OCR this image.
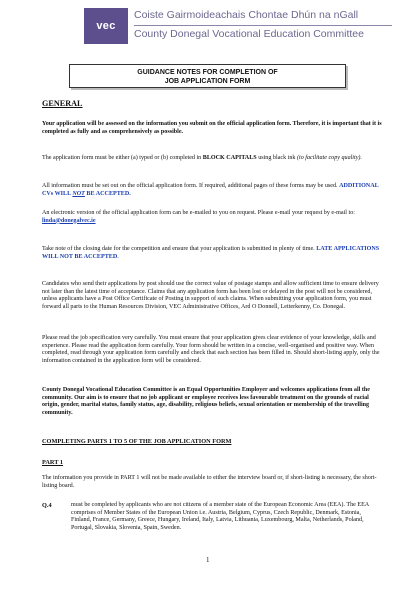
vec
Coiste Gairmoideachais Chontae Dhún na nGall
County Donegal Vocational Education Committee
GUIDANCE NOTES FOR COMPLETION OF
JOB APPLICATION FORM
GENERAL
Your application will be assessed on the information you submit on the official application form. Therefore, it is important that it is completed as fully and as comprehensively as possible.
The application form must be either (a) typed or (b) completed in BLOCK CAPITALS using black ink (to facilitate copy quality).
All information must be set out on the official application form. If required, additional pages of these forms may be used. ADDITIONAL CVs WILL NOT BE ACCEPTED.
An electronic version of the official application form can be e-mailed to you on request. Please e-mail your request by e-mail to: linda@donegalvec.ie
Take note of the closing date for the competition and ensure that your application is submitted in plenty of time. LATE APPLICATIONS WILL NOT BE ACCEPTED.
Candidates who send their applications by post should use the correct value of postage stamps and allow sufficient time to ensure delivery not later than the latest time of acceptance. Claims that any application form has been lost or delayed in the post will not be considered, unless applicants have a Post Office Certificate of Posting in support of such claims. When submitting your application form, you must forward all parts to the Human Resources Division, VEC Administrative Offices, Ard O Donnell, Letterkenny, Co. Donegal.
Please read the job specification very carefully. You must ensure that your application gives clear evidence of your knowledge, skills and experience. Please read the application form carefully. Your form should be written in a concise, well-organised and positive way. When completed, read through your application form carefully and check that each section has been filled in. Should short-listing apply, only the information contained in the application form will be considered.
County Donegal Vocational Education Committee is an Equal Opportunities Employer and welcomes applications from all the community. Our aim is to ensure that no job applicant or employee receives less favourable treatment on the grounds of racial origin, gender, marital status, family status, age, disability, religious beliefs, sexual orientation or membership of the travelling community.
COMPLETING PARTS 1 TO 5 OF THE JOB APPLICATION FORM
PART 1
The information you provide in PART 1 will not be made available to either the interview board or, if short-listing is necessary, the short-listing board.
Q.4	must be completed by applicants who are not citizens of a member state of the European Economic Area (EEA). The EEA comprises of Member States of the European Union i.e. Austria, Belgium, Cyprus, Czech Republic, Denmark, Estonia, Finland, France, Germany, Greece, Hungary, Ireland, Italy, Latvia, Lithuania, Luxembourg, Malta, Netherlands, Poland, Portugal, Slovakia, Slovenia, Spain, Sweden.
1
